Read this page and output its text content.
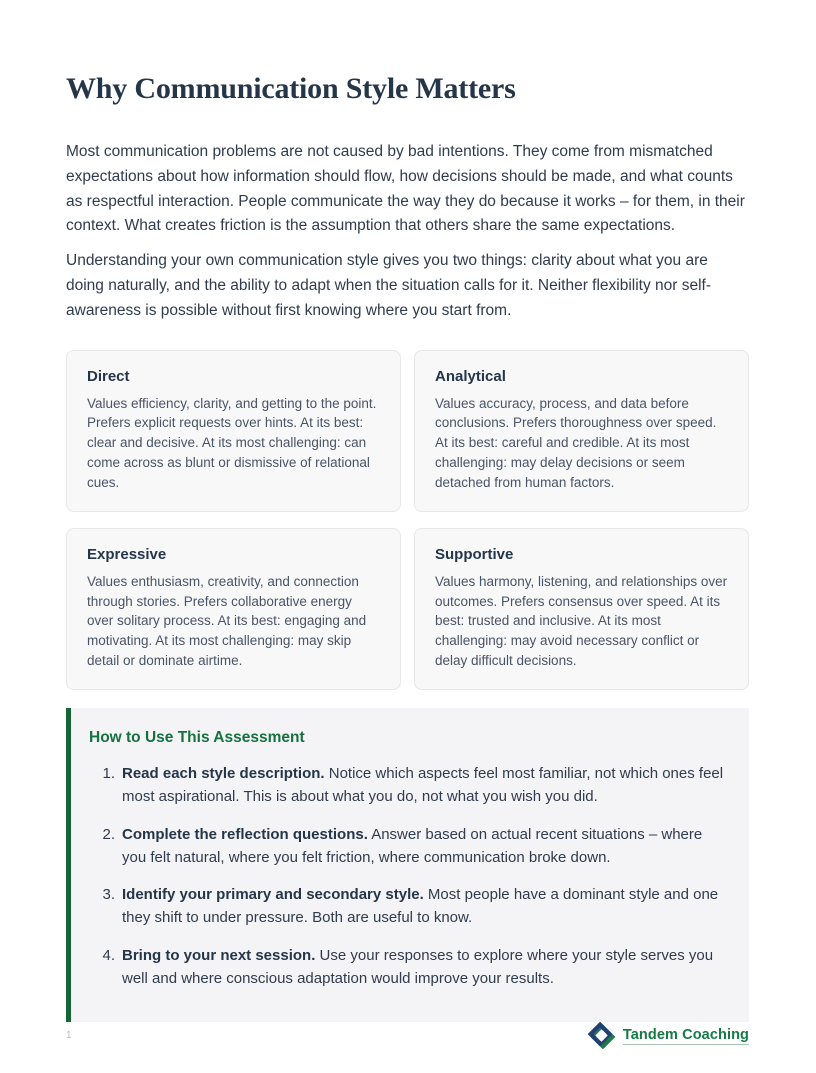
Why Communication Style Matters

Most communication problems are not caused by bad intentions. They come from mismatched expectations about how information should flow, how decisions should be made, and what counts as respectful interaction. People communicate the way they do because it works – for them, in their context. What creates friction is the assumption that others share the same expectations.

Understanding your own communication style gives you two things: clarity about what you are doing naturally, and the ability to adapt when the situation calls for it. Neither flexibility nor self-awareness is possible without first knowing where you start from.

Direct

Values efficiency, clarity, and getting to the point. Prefers explicit requests over hints. At its best: clear and decisive. At its most challenging: can come across as blunt or dismissive of relational cues.

Analytical

Values accuracy, process, and data before conclusions. Prefers thoroughness over speed. At its best: careful and credible. At its most challenging: may delay decisions or seem detached from human factors.

Expressive

Values enthusiasm, creativity, and connection through stories. Prefers collaborative energy over solitary process. At its best: engaging and motivating. At its most challenging: may skip detail or dominate airtime.

Supportive

Values harmony, listening, and relationships over outcomes. Prefers consensus over speed. At its best: trusted and inclusive. At its most challenging: may avoid necessary conflict or delay difficult decisions.

How to Use This Assessment
1. Read each style description. Notice which aspects feel most familiar, not which ones feel most aspirational. This is about what you do, not what you wish you did.
2. Complete the reflection questions. Answer based on actual recent situations – where you felt natural, where you felt friction, where communication broke down.
3. Identify your primary and secondary style. Most people have a dominant style and one they shift to under pressure. Both are useful to know.
4. Bring to your next session. Use your responses to explore where your style serves you well and where conscious adaptation would improve your results.
1	Tandem Coaching
